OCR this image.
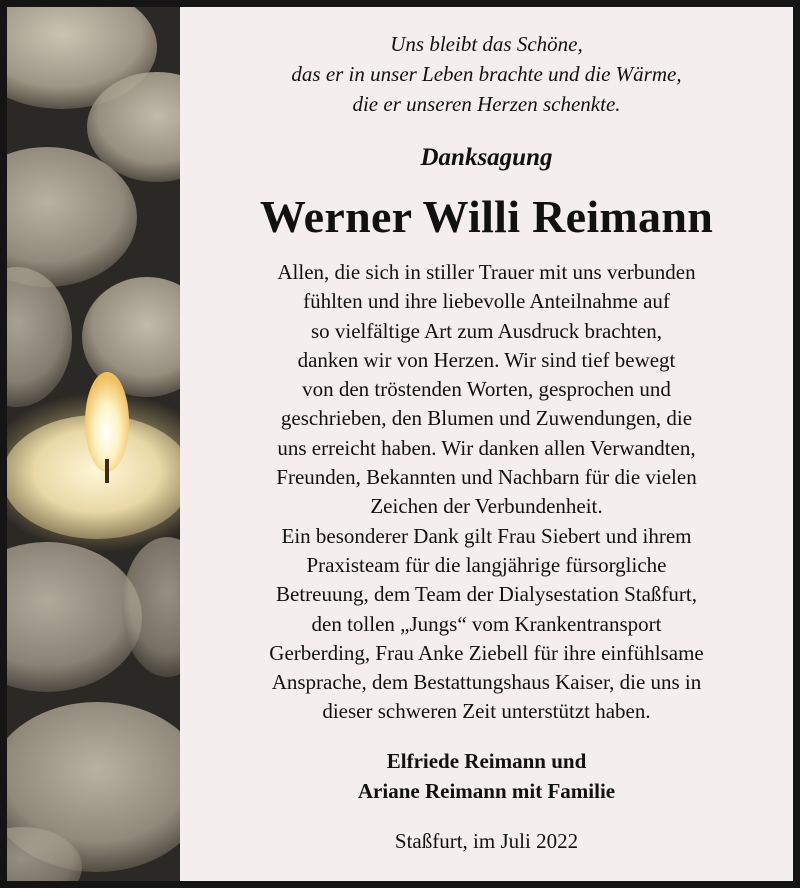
Uns bleibt das Schöne,
das er in unser Leben brachte und die Wärme,
die er unseren Herzen schenkte.
Danksagung
Werner Willi Reimann
Allen, die sich in stiller Trauer mit uns verbunden
fühlten und ihre liebevolle Anteilnahme auf
so vielfältige Art zum Ausdruck brachten,
danken wir von Herzen. Wir sind tief bewegt
von den tröstenden Worten, gesprochen und
geschrieben, den Blumen und Zuwendungen, die
uns erreicht haben. Wir danken allen Verwandten,
Freunden, Bekannten und Nachbarn für die vielen
Zeichen der Verbundenheit.
Ein besonderer Dank gilt Frau Siebert und ihrem
Praxisteam für die langjährige fürsorgliche
Betreuung, dem Team der Dialysestation Staßfurt,
den tollen „Jungs“ vom Krankentransport
Gerberding, Frau Anke Ziebell für ihre einfühlsame
Ansprache, dem Bestattungshaus Kaiser, die uns in
dieser schweren Zeit unterstützt haben.
Elfriede Reimann und
Ariane Reimann mit Familie
Staßfurt, im Juli 2022
